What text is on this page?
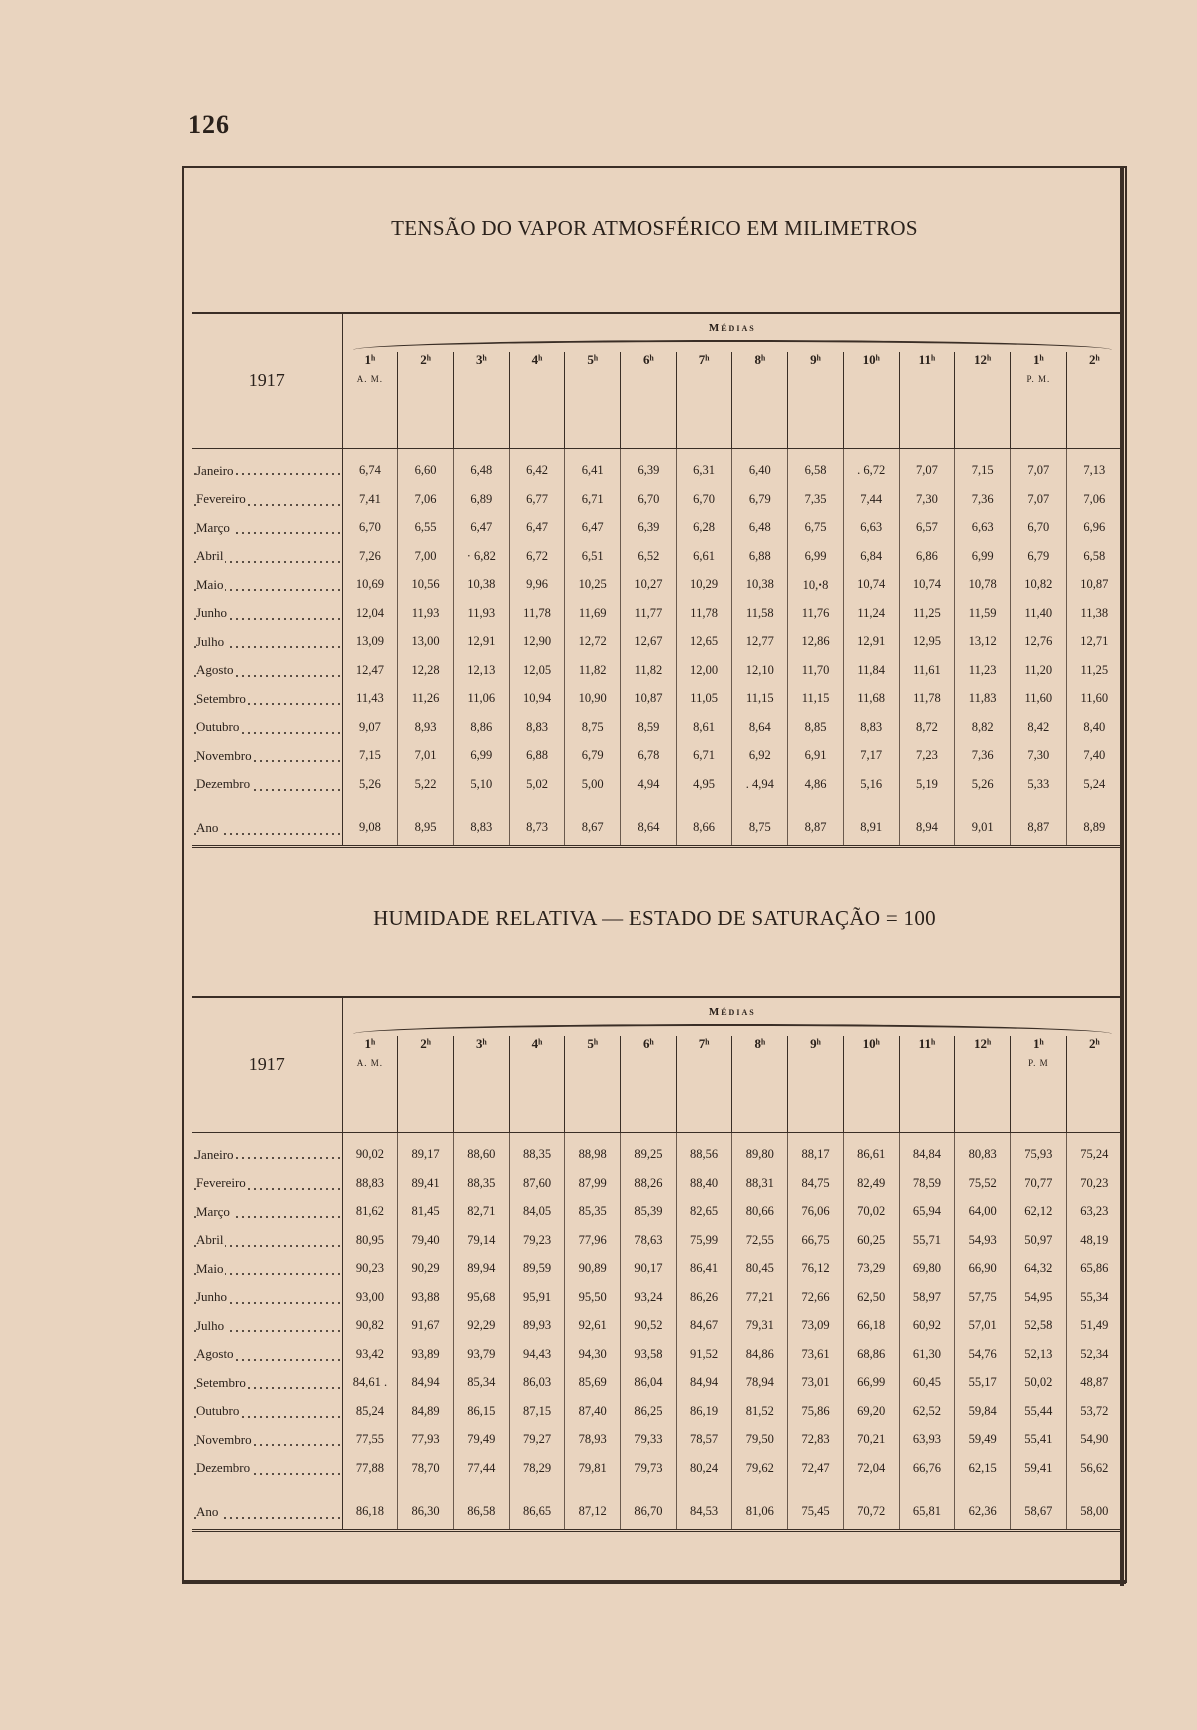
126
TENSÃO DO VAPOR ATMOSFÉRICO EM MILIMETROS

1917	Médias													

	1ʰ
A. M.	2ʰ	3ʰ	4ʰ	5ʰ	6ʰ	7ʰ	8ʰ	9ʰ	10ʰ	11ʰ	12ʰ	1ʰ
P. M.	2ʰ
Janeiro	6,74	6,60	6,48	6,42	6,41	6,39	6,31	6,40	6,58	. 6,72	7,07	7,15	7,07	7,13
Fevereiro	7,41	7,06	6,89	6,77	6,71	6,70	6,70	6,79	7,35	7,44	7,30	7,36	7,07	7,06
Março	6,70	6,55	6,47	6,47	6,47	6,39	6,28	6,48	6,75	6,63	6,57	6,63	6,70	6,96
Abril	7,26	7,00	· 6,82	6,72	6,51	6,52	6,61	6,88	6,99	6,84	6,86	6,99	6,79	6,58
Maio	10,69	10,56	10,38	9,96	10,25	10,27	10,29	10,38	10,ꞏ8	10,74	10,74	10,78	10,82	10,87
Junho	12,04	11,93	11,93	11,78	11,69	11,77	11,78	11,58	11,76	11,24	11,25	11,59	11,40	11,38
Julho	13,09	13,00	12,91	12,90	12,72	12,67	12,65	12,77	12,86	12,91	12,95	13,12	12,76	12,71
Agosto	12,47	12,28	12,13	12,05	11,82	11,82	12,00	12,10	11,70	11,84	11,61	11,23	11,20	11,25
Setembro	11,43	11,26	11,06	10,94	10,90	10,87	11,05	11,15	11,15	11,68	11,78	11,83	11,60	11,60
Outubro	9,07	8,93	8,86	8,83	8,75	8,59	8,61	8,64	8,85	8,83	8,72	8,82	8,42	8,40
Novembro	7,15	7,01	6,99	6,88	6,79	6,78	6,71	6,92	6,91	7,17	7,23	7,36	7,30	7,40
Dezembro	5,26	5,22	5,10	5,02	5,00	4,94	4,95	. 4,94	4,86	5,16	5,19	5,26	5,33	5,24

Ano	9,08	8,95	8,83	8,73	8,67	8,64	8,66	8,75	8,87	8,91	8,94	9,01	8,87	8,89
HUMIDADE RELATIVA — ESTADO DE SATURAÇÃO = 100

1917	Médias													

	1ʰ
A. M.	2ʰ	3ʰ	4ʰ	5ʰ	6ʰ	7ʰ	8ʰ	9ʰ	10ʰ	11ʰ	12ʰ	1ʰ
P. M	2ʰ
Janeiro	90,02	89,17	88,60	88,35	88,98	89,25	88,56	89,80	88,17	86,61	84,84	80,83	75,93	75,24
Fevereiro	88,83	89,41	88,35	87,60	87,99	88,26	88,40	88,31	84,75	82,49	78,59	75,52	70,77	70,23
Março	81,62	81,45	82,71	84,05	85,35	85,39	82,65	80,66	76,06	70,02	65,94	64,00	62,12	63,23
Abril	80,95	79,40	79,14	79,23	77,96	78,63	75,99	72,55	66,75	60,25	55,71	54,93	50,97	48,19
Maio	90,23	90,29	89,94	89,59	90,89	90,17	86,41	80,45	76,12	73,29	69,80	66,90	64,32	65,86
Junho	93,00	93,88	95,68	95,91	95,50	93,24	86,26	77,21	72,66	62,50	58,97	57,75	54,95	55,34
Julho	90,82	91,67	92,29	89,93	92,61	90,52	84,67	79,31	73,09	66,18	60,92	57,01	52,58	51,49
Agosto	93,42	93,89	93,79	94,43	94,30	93,58	91,52	84,86	73,61	68,86	61,30	54,76	52,13	52,34
Setembro	84,61 .	84,94	85,34	86,03	85,69	86,04	84,94	78,94	73,01	66,99	60,45	55,17	50,02	48,87
Outubro	85,24	84,89	86,15	87,15	87,40	86,25	86,19	81,52	75,86	69,20	62,52	59,84	55,44	53,72
Novembro	77,55	77,93	79,49	79,27	78,93	79,33	78,57	79,50	72,83	70,21	63,93	59,49	55,41	54,90
Dezembro	77,88	78,70	77,44	78,29	79,81	79,73	80,24	79,62	72,47	72,04	66,76	62,15	59,41	56,62

Ano	86,18	86,30	86,58	86,65	87,12	86,70	84,53	81,06	75,45	70,72	65,81	62,36	58,67	58,00
